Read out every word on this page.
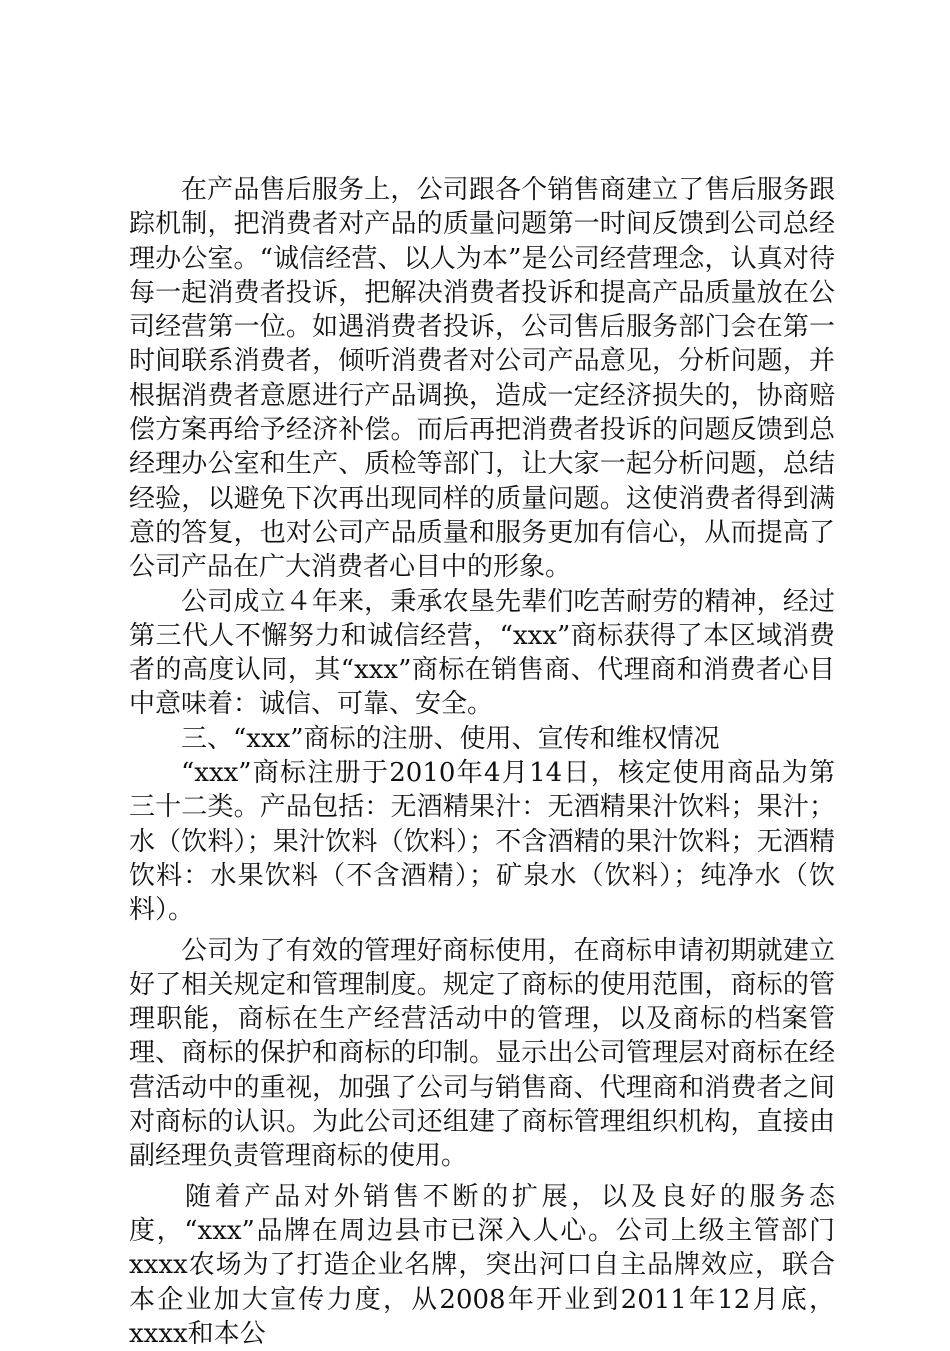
在产品售后服务上，公司跟各个销售商建立了售后服务跟踪机制，把消费者对产品的质量问题第一时间反馈到公司总经理办公室。“诚信经营、以人为本”是公司经营理念，认真对待每一起消费者投诉，把解决消费者投诉和提高产品质量放在公司经营第一位。如遇消费者投诉，公司售后服务部门会在第一时间联系消费者，倾听消费者对公司产品意见，分析问题，并根据消费者意愿进行产品调换，造成一定经济损失的，协商赔偿方案再给予经济补偿。而后再把消费者投诉的问题反馈到总经理办公室和生产、质检等部门，让大家一起分析问题，总结经验，以避免下次再出现同样的质量问题。这使消费者得到满意的答复，也对公司产品质量和服务更加有信心，从而提高了公司产品在广大消费者心目中的形象。

公司成立４年来，秉承农垦先辈们吃苦耐劳的精神，经过第三代人不懈努力和诚信经营，“xxx”商标获得了本区域消费者的高度认同，其“xxx”商标在销售商、代理商和消费者心目中意味着：诚信、可靠、安全。

三、“xxx”商标的注册、使用、宣传和维权情况

“xxx”商标注册于2010年4月14日，核定使用商品为第三十二类。产品包括：无酒精果汁：无酒精果汁饮料；果汁；水（饮料）；果汁饮料（饮料）；不含酒精的果汁饮料；无酒精饮料：水果饮料（不含酒精）；矿泉水（饮料）；纯净水（饮料）。

公司为了有效的管理好商标使用，在商标申请初期就建立好了相关规定和管理制度。规定了商标的使用范围，商标的管理职能，商标在生产经营活动中的管理，以及商标的档案管理、商标的保护和商标的印制。显示出公司管理层对商标在经营活动中的重视，加强了公司与销售商、代理商和消费者之间对商标的认识。为此公司还组建了商标管理组织机构，直接由副经理负责管理商标的使用。

随着产品对外销售不断的扩展，以及良好的服务态度，“xxx”品牌在周边县市已深入人心。公司上级主管部门xxxx农场为了打造企业名牌，突出河口自主品牌效应，联合本企业加大宣传力度，从2008年开业到2011年12月底，xxxx和本公
